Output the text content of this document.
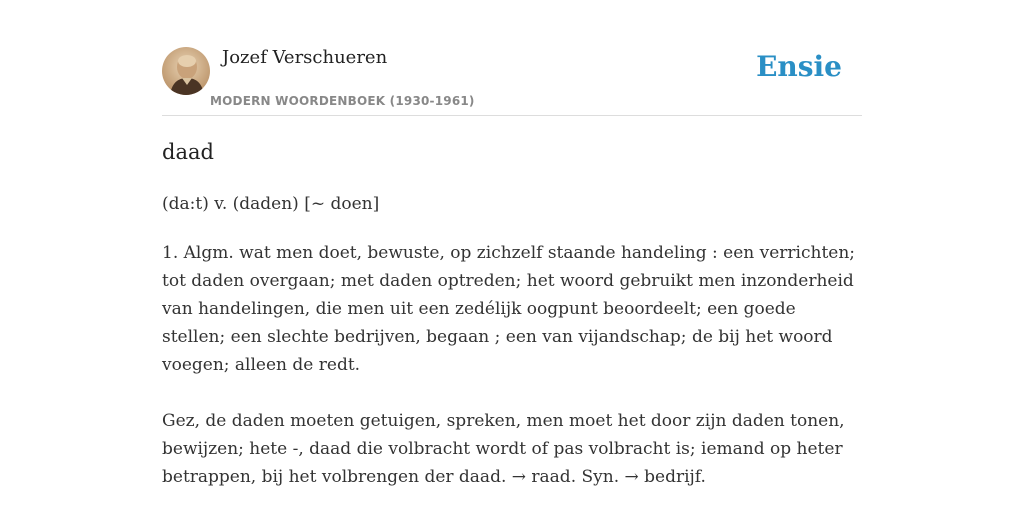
Jozef Verschueren
MODERN WOORDENBOEK (1930-1961)
Ensie
daad
(da:t) v. (daden) [~ doen]

1. Algm. wat men doet, bewuste, op zichzelf staande handeling : een verrichten; tot daden overgaan; met daden optreden; het woord gebruikt men inzonderheid van handelingen, die men uit een zedélijk oogpunt beoordeelt; een goede stellen; een slechte bedrijven, begaan ; een van vijandschap; de bij het woord voegen; alleen de redt.

Gez, de daden moeten getuigen, spreken, men moet het door zijn daden tonen, bewijzen; hete -, daad die volbracht wordt of pas volbracht is; iemand op heter betrappen, bij het volbrengen der daad. → raad. Syn. → bedrijf.
